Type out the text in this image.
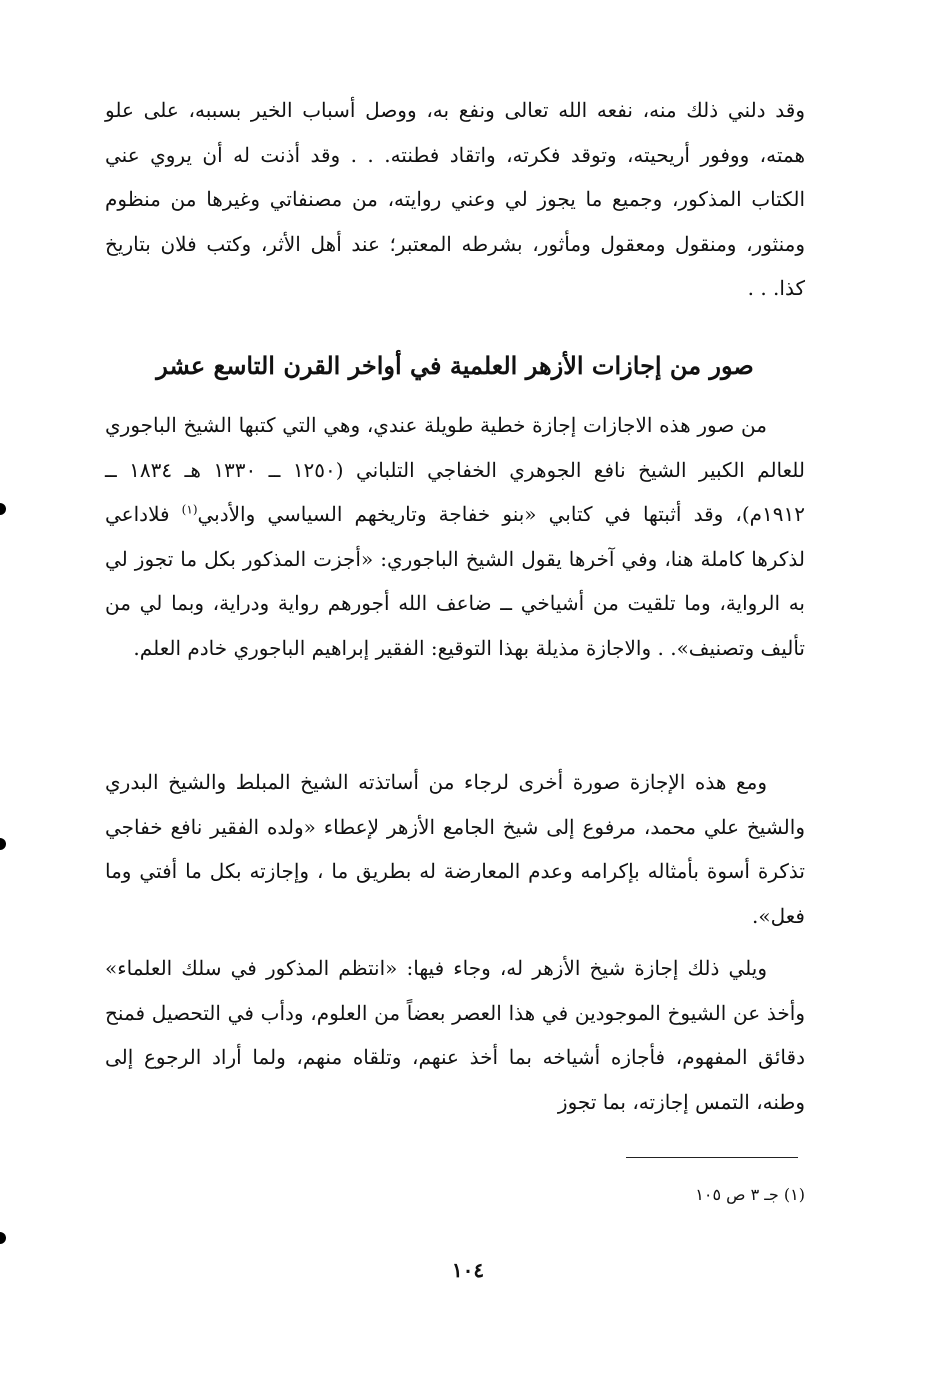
وقد دلني ذلك منه، نفعه الله تعالى ونفع به، ووصل أسباب الخير بسببه، على علو همته، ووفور أريحيته، وتوقد فكرته، واتقاد فطنته. . . وقد أذنت له أن يروي عني الكتاب المذكور، وجميع ما يجوز لي وعني روايته، من مصنفاتي وغيرها من منظوم ومنثور، ومنقول ومعقول ومأثور، بشرطه المعتبر؛ عند أهل الأثر، وكتب فلان بتاريخ كذا. . .

صور من إجازات الأزهر العلمية في أواخر القرن التاسع عشر

من صور هذه الاجازات إجازة خطية طويلة عندي، وهي التي كتبها الشيخ الباجوري للعالم الكبير الشيخ نافع الجوهري الخفاجي التلباني (١٢٥٠ ــ ١٣٣٠ هـ ١٨٣٤ ــ ١٩١٢م)، وقد أثبتها في كتابي «بنو خفاجة وتاريخهم السياسي والأدبي$^{(١)}$ فلاداعي لذكرها كاملة هنا، وفي آخرها يقول الشيخ الباجوري: «أجزت المذكور بكل ما تجوز لي به الرواية، وما تلقيت من أشياخي ــ ضاعف الله أجورهم رواية ودراية، وبما لي من تأليف وتصنيف». . والاجازة مذيلة بهذا التوقيع: الفقير إبراهيم الباجوري خادم العلم.

ومع هذه الإجازة صورة أخرى لرجاء من أساتذته الشيخ المبلط والشيخ البدري والشيخ علي محمد، مرفوع إلى شيخ الجامع الأزهر لإعطاء «ولده الفقير نافع خفاجي تذكرة أسوة بأمثاله بإكرامه وعدم المعارضة له بطريق ما ، وإجازته بكل ما أفتي وما فعل».

ويلي ذلك إجازة شيخ الأزهر له، وجاء فيها: «انتظم المذكور في سلك العلماء» وأخذ عن الشيوخ الموجودين في هذا العصر بعضاً من العلوم، ودأب في التحصيل فمنح دقائق المفهوم، فأجازه أشياخه بما أخذ عنهم، وتلقاه منهم، ولما أراد الرجوع إلى وطنه، التمس إجازته، بما تجوز

(١) جـ ٣ ص ١٠٥
١٠٤
